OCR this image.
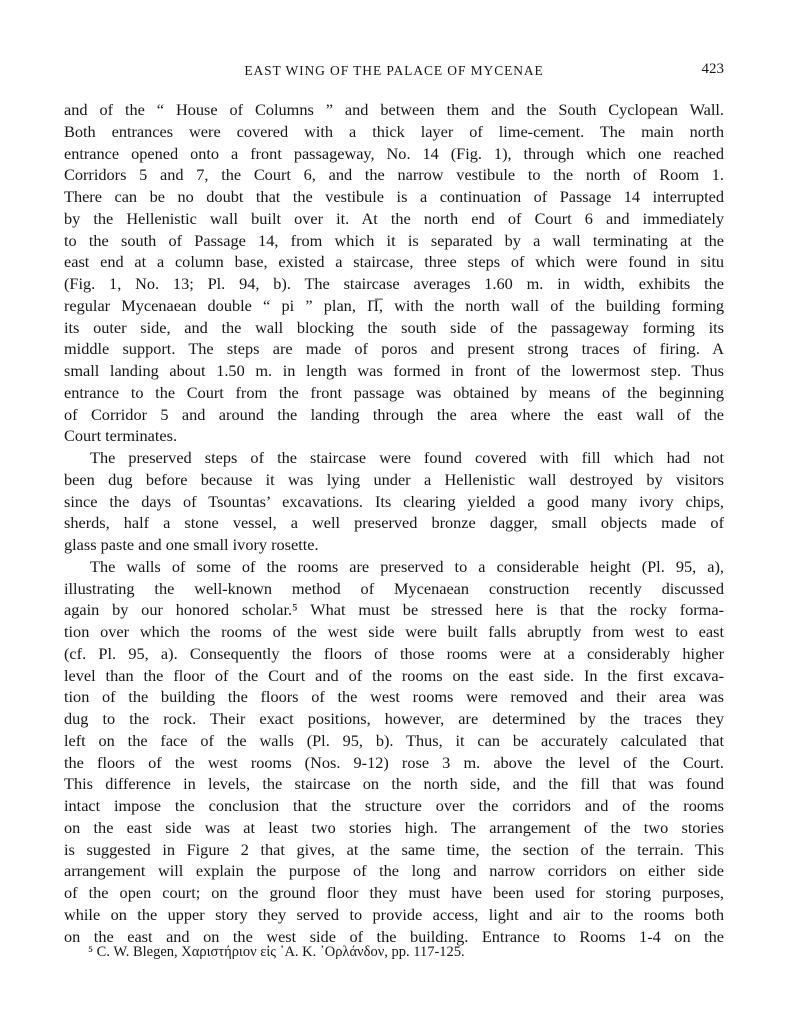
EAST WING OF THE PALACE OF MYCENAE	423

and of the “ House of Columns ” and between them and the South Cyclopean Wall.
Both entrances were covered with a thick layer of lime-cement. The main north
entrance opened onto a front passageway, No. 14 (Fig. 1), through which one reached
Corridors 5 and 7, the Court 6, and the narrow vestibule to the north of Room 1.
There can be no doubt that the vestibule is a continuation of Passage 14 interrupted
by the Hellenistic wall built over it. At the north end of Court 6 and immediately
to the south of Passage 14, from which it is separated by a wall terminating at the
east end at a column base, existed a staircase, three steps of which were found in situ
(Fig. 1, No. 13; Pl. 94, b). The staircase averages 1.60 m. in width, exhibits the
regular Mycenaean double “ pi ” plan, Π̅, with the north wall of the building forming
its outer side, and the wall blocking the south side of the passageway forming its
middle support. The steps are made of poros and present strong traces of firing. A
small landing about 1.50 m. in length was formed in front of the lowermost step. Thus
entrance to the Court from the front passage was obtained by means of the beginning
of Corridor 5 and around the landing through the area where the east wall of the
Court terminates.

The preserved steps of the staircase were found covered with fill which had not
been dug before because it was lying under a Hellenistic wall destroyed by visitors
since the days of Tsountas’ excavations. Its clearing yielded a good many ivory chips,
sherds, half a stone vessel, a well preserved bronze dagger, small objects made of
glass paste and one small ivory rosette.

The walls of some of the rooms are preserved to a considerable height (Pl. 95, a),
illustrating the well-known method of Mycenaean construction recently discussed
again by our honored scholar.⁵ What must be stressed here is that the rocky forma-
tion over which the rooms of the west side were built falls abruptly from west to east
(cf. Pl. 95, a). Consequently the floors of those rooms were at a considerably higher
level than the floor of the Court and of the rooms on the east side. In the first excava-
tion of the building the floors of the west rooms were removed and their area was
dug to the rock. Their exact positions, however, are determined by the traces they
left on the face of the walls (Pl. 95, b). Thus, it can be accurately calculated that
the floors of the west rooms (Nos. 9-12) rose 3 m. above the level of the Court.
This difference in levels, the staircase on the north side, and the fill that was found
intact impose the conclusion that the structure over the corridors and of the rooms
on the east side was at least two stories high. The arrangement of the two stories
is suggested in Figure 2 that gives, at the same time, the section of the terrain. This
arrangement will explain the purpose of the long and narrow corridors on either side
of the open court; on the ground floor they must have been used for storing purposes,
while on the upper story they served to provide access, light and air to the rooms both
on the east and on the west side of the building. Entrance to Rooms 1-4 on the

⁵ C. W. Blegen, Χαριστήριον εἰς ᾿Α. Κ. ᾿Ορλάνδον, pp. 117-125.
